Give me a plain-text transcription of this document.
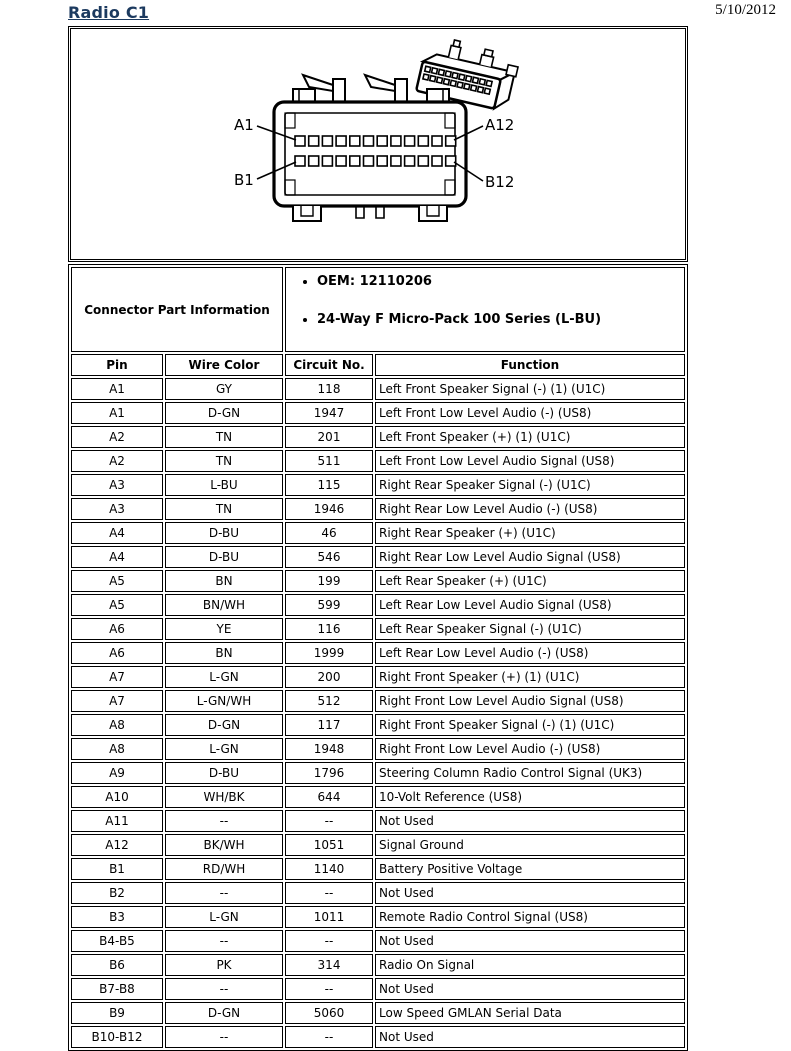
Radio C1	5/10/2012
A1
B1
A12
B12
Connector Part Information	
• OEM: 12110206
• 24-Way F Micro-Pack 100 Series (L-BU)

Pin	Wire Color	Circuit No.	Function
A1	GY	118	Left Front Speaker Signal (-) (1) (U1C)
A1	D-GN	1947	Left Front Low Level Audio (-) (US8)
A2	TN	201	Left Front Speaker (+) (1) (U1C)
A2	TN	511	Left Front Low Level Audio Signal (US8)
A3	L-BU	115	Right Rear Speaker Signal (-) (U1C)
A3	TN	1946	Right Rear Low Level Audio (-) (US8)
A4	D-BU	46	Right Rear Speaker (+) (U1C)
A4	D-BU	546	Right Rear Low Level Audio Signal (US8)
A5	BN	199	Left Rear Speaker (+) (U1C)
A5	BN/WH	599	Left Rear Low Level Audio Signal (US8)
A6	YE	116	Left Rear Speaker Signal (-) (U1C)
A6	BN	1999	Left Rear Low Level Audio (-) (US8)
A7	L-GN	200	Right Front Speaker (+) (1) (U1C)
A7	L-GN/WH	512	Right Front Low Level Audio Signal (US8)
A8	D-GN	117	Right Front Speaker Signal (-) (1) (U1C)
A8	L-GN	1948	Right Front Low Level Audio (-) (US8)
A9	D-BU	1796	Steering Column Radio Control Signal (UK3)
A10	WH/BK	644	10-Volt Reference (US8)
A11	--	--	Not Used
A12	BK/WH	1051	Signal Ground
B1	RD/WH	1140	Battery Positive Voltage
B2	--	--	Not Used
B3	L-GN	1011	Remote Radio Control Signal (US8)
B4-B5	--	--	Not Used
B6	PK	314	Radio On Signal
B7-B8	--	--	Not Used
B9	D-GN	5060	Low Speed GMLAN Serial Data
B10-B12	--	--	Not Used
